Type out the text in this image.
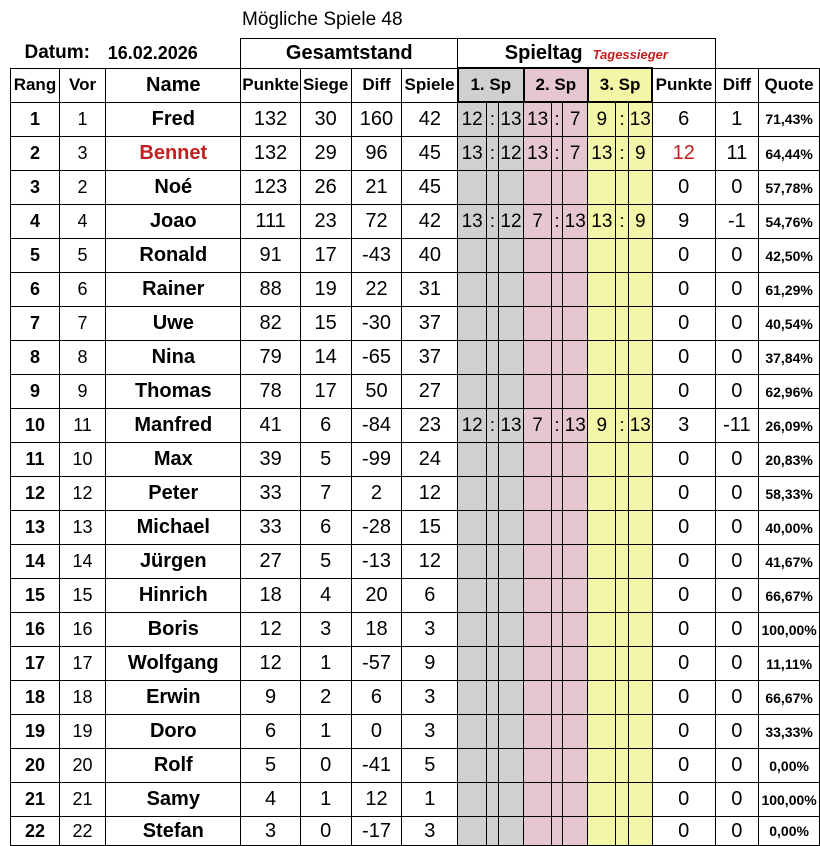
Mögliche Spiele 48
Datum:		16.02.2026	Gesamtstand				Spieltag Tagessieger											
Rang	Vor	Name	Punkte	Siege	Diff	Spiele	1. Sp			2. Sp			3. Sp			Punkte	Diff	Quote
1	1	Fred	132	30	160	42	12	:	13	13	:	7	9	:	13	6	1	71,43%
2	3	Bennet	132	29	96	45	13	:	12	13	:	7	13	:	9	12	11	64,44%
3	2	Noé	123	26	21	45										0	0	57,78%
4	4	Joao	111	23	72	42	13	:	12	7	:	13	13	:	9	9	-1	54,76%
5	5	Ronald	91	17	-43	40										0	0	42,50%
6	6	Rainer	88	19	22	31										0	0	61,29%
7	7	Uwe	82	15	-30	37										0	0	40,54%
8	8	Nina	79	14	-65	37										0	0	37,84%
9	9	Thomas	78	17	50	27										0	0	62,96%
10	11	Manfred	41	6	-84	23	12	:	13	7	:	13	9	:	13	3	-11	26,09%
11	10	Max	39	5	-99	24										0	0	20,83%
12	12	Peter	33	7	2	12										0	0	58,33%
13	13	Michael	33	6	-28	15										0	0	40,00%
14	14	Jürgen	27	5	-13	12										0	0	41,67%
15	15	Hinrich	18	4	20	6										0	0	66,67%
16	16	Boris	12	3	18	3										0	0	100,00%
17	17	Wolfgang	12	1	-57	9										0	0	11,11%
18	18	Erwin	9	2	6	3										0	0	66,67%
19	19	Doro	6	1	0	3										0	0	33,33%
20	20	Rolf	5	0	-41	5										0	0	0,00%
21	21	Samy	4	1	12	1										0	0	100,00%
22	22	Stefan	3	0	-17	3										0	0	0,00%
